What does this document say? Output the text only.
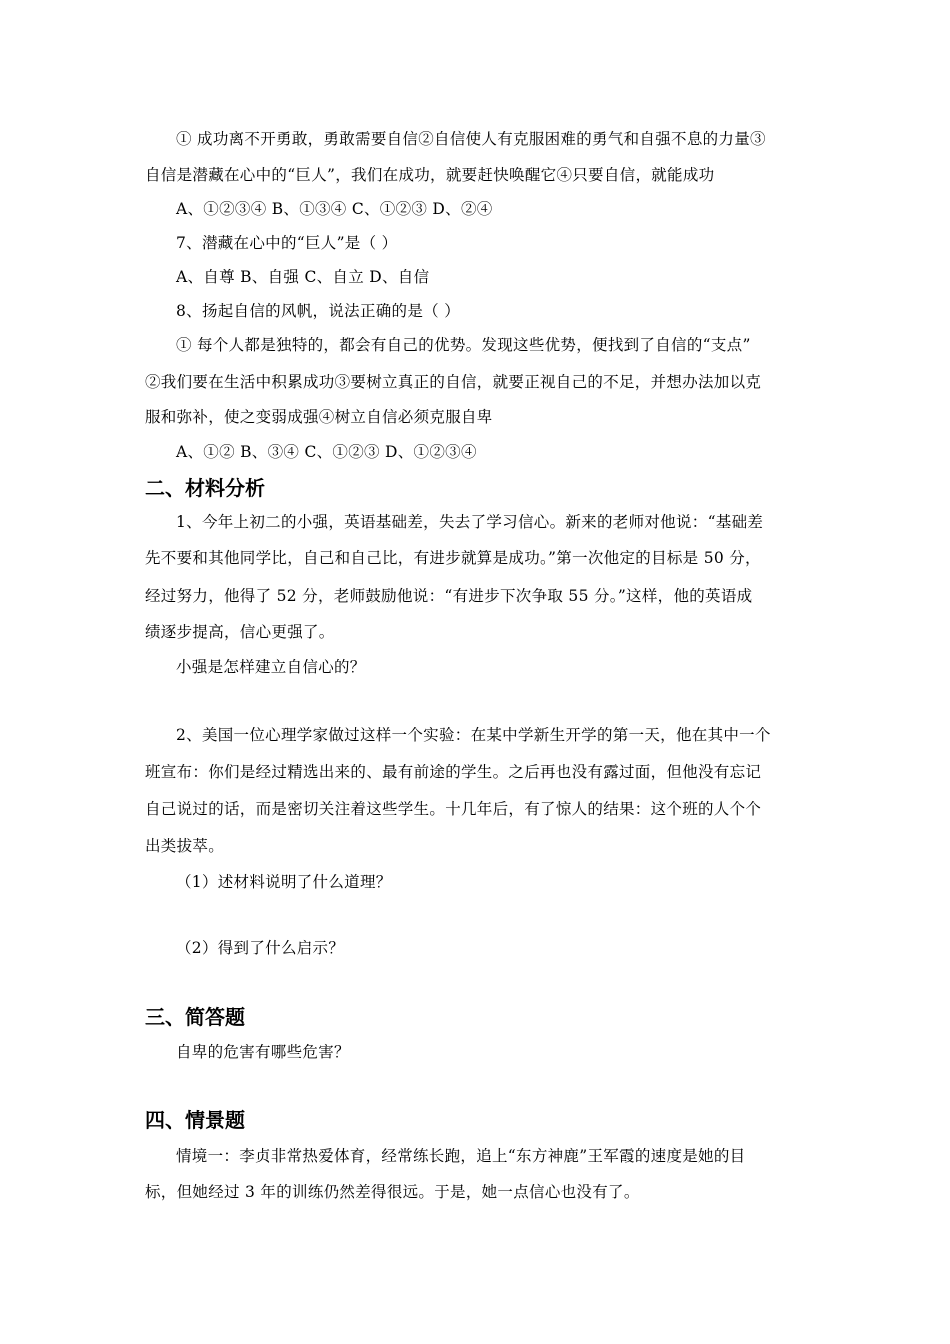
① 成功离不开勇敢，勇敢需要自信②自信使人有克服困难的勇气和自强不息的力量③
自信是潜藏在心中的“巨人”，我们在成功，就要赶快唤醒它④只要自信，就能成功
A、①②③④ B、①③④ C、①②③ D、②④
7、潜藏在心中的“巨人”是（ ）
A、自尊 B、自强 C、自立 D、自信
8、扬起自信的风帆，说法正确的是（ ）
① 每个人都是独特的，都会有自己的优势。发现这些优势，便找到了自信的“支点”
②我们要在生活中积累成功③要树立真正的自信，就要正视自己的不足，并想办法加以克
服和弥补，使之变弱成强④树立自信必须克服自卑
A、①② B、③④ C、①②③ D、①②③④
二、材料分析
1、今年上初二的小强，英语基础差，失去了学习信心。新来的老师对他说：“基础差
先不要和其他同学比，自己和自己比，有进步就算是成功。”第一次他定的目标是 50 分，
经过努力，他得了 52 分，老师鼓励他说：“有进步下次争取 55 分。”这样，他的英语成
绩逐步提高，信心更强了。
小强是怎样建立自信心的？
2、美国一位心理学家做过这样一个实验：在某中学新生开学的第一天，他在其中一个
班宣布：你们是经过精选出来的、最有前途的学生。之后再也没有露过面，但他没有忘记
自己说过的话，而是密切关注着这些学生。十几年后，有了惊人的结果：这个班的人个个
出类拔萃。
（1）述材料说明了什么道理？
（2）得到了什么启示？
三、简答题
自卑的危害有哪些危害？
四、情景题
情境一：李贞非常热爱体育，经常练长跑，追上“东方神鹿”王军霞的速度是她的目
标，但她经过 3 年的训练仍然差得很远。于是，她一点信心也没有了。
